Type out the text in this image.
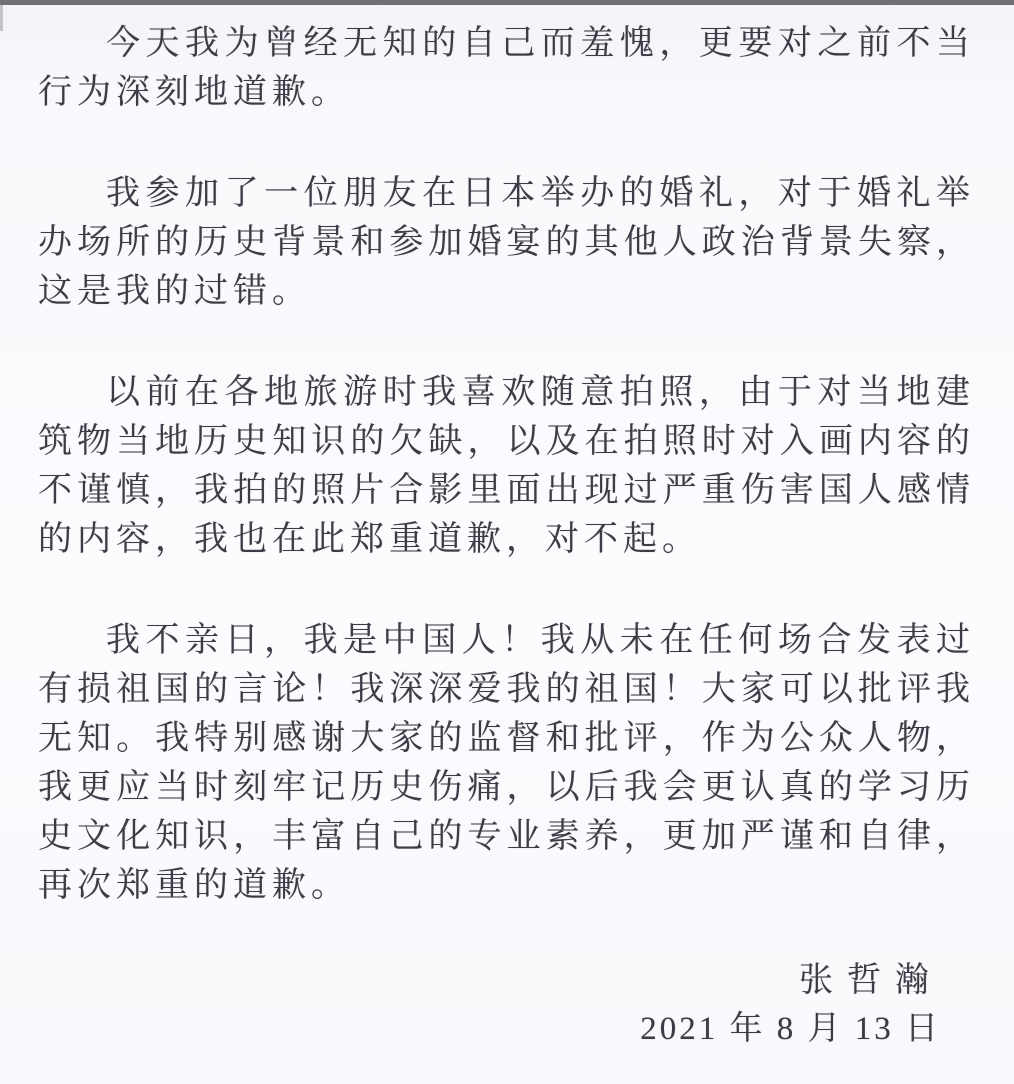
今天我为曾经无知的自己而羞愧，更要对之前不当行为深刻地道歉。

我参加了一位朋友在日本举办的婚礼，对于婚礼举办场所的历史背景和参加婚宴的其他人政治背景失察，这是我的过错。

以前在各地旅游时我喜欢随意拍照，由于对当地建筑物当地历史知识的欠缺，以及在拍照时对入画内容的不谨慎，我拍的照片合影里面出现过严重伤害国人感情的内容，我也在此郑重道歉，对不起。

我不亲日，我是中国人！我从未在任何场合发表过有损祖国的言论！我深深爱我的祖国！大家可以批评我无知。我特别感谢大家的监督和批评，作为公众人物，我更应当时刻牢记历史伤痛，以后我会更认真的学习历史文化知识，丰富自己的专业素养，更加严谨和自律，再次郑重的道歉。

张哲瀚
2021 年 8 月 13 日
